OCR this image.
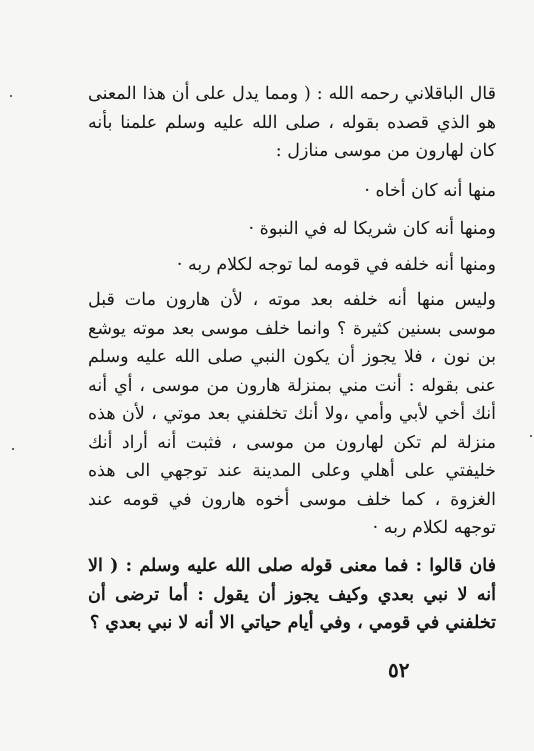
قال الباقلاني رحمه الله : ( ومما يدل على أن هذا المعنى هو الذي قصده بقوله ، صلى الله عليه وسلم علمنا بأنه كان لهارون من موسى منازل :

منها أنه كان أخاه ·

ومنها أنه كان شريكا له في النبوة ·

ومنها أنه خلفه في قومه لما توجه لكلام ربه ·

وليس منها أنه خلفه بعد موته ، لأن هارون مات قبل موسى بسنين كثيرة ؟ وانما خلف موسى بعد موته يوشع بن نون ، فلا يجوز أن يكون النبي صلى الله عليه وسلم عنى بقوله : أنت مني بمنزلة هارون من موسى ، أي أنه أنك أخي لأبي وأمي ،ولا أنك تخلفني بعد موتي ، لأن هذه منزلة لم تكن لهارون من موسى ، فثبت أنه أراد أنك خليفتي على أهلي وعلى المدينة عند توجهي الى هذه الغزوة ، كما خلف موسى أخوه هارون في قومه عند توجهه لكلام ربه ·

فان قالوا : فما معنى قوله صلى الله عليه وسلم : ( الا أنه لا نبي بعدي وكيف يجوز أن يقول : أما ترضى أن تخلفني في قومي ، وفي أيام حياتي الا أنه لا نبي بعدي ؟

٥٢
